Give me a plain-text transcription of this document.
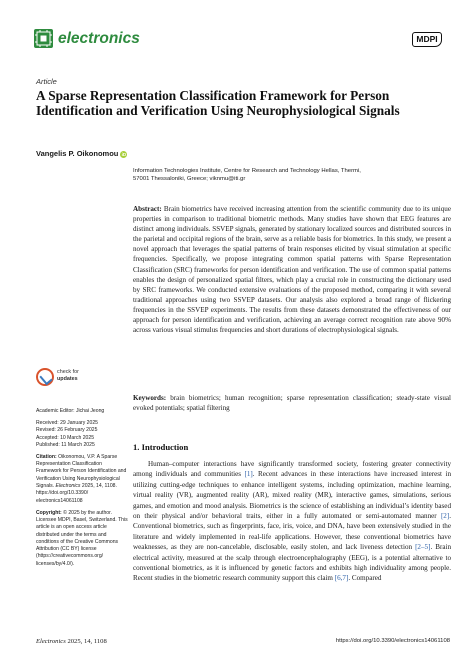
electronics	MDPI
Article
A Sparse Representation Classification Framework for Person Identification and Verification Using Neurophysiological Signals
Vangelis P. Oikonomou iD
Information Technologies Institute, Centre for Research and Technology Hellas, Thermi,
57001 Thessaloniki, Greece; viknmu@iti.gr
Abstract: Brain biometrics have received increasing attention from the scientific community due to its unique properties in comparison to traditional biometric methods. Many studies have shown that EEG features are distinct among individuals. SSVEP signals, generated by stationary localized sources and distributed sources in the parietal and occipital regions of the brain, serve as a reliable basis for biometrics. In this study, we present a novel approach that leverages the spatial patterns of brain responses elicited by visual stimulation at specific frequencies. Specifically, we propose integrating common spatial patterns with Sparse Representation Classification (SRC) frameworks for person identification and verification. The use of common spatial patterns enables the design of personalized spatial filters, which play a crucial role in constructing the dictionary used by SRC frameworks. We conducted extensive evaluations of the proposed method, comparing it with several traditional approaches using two SSVEP datasets. Our analysis also explored a broad range of flickering frequencies in the SSVEP experiments. The results from these datasets demonstrated the effectiveness of our approach for person identification and verification, achieving an average correct recognition rate above 90% across various visual stimulus frequencies and short durations of electrophysiological signals.
Keywords: brain biometrics; human recognition; sparse representation classification; steady-state visual evoked potentials; spatial filtering
check for
updates
Academic Editor: Jichai Jeong
Received: 29 January 2025
Revised: 26 February 2025
Accepted: 10 March 2025
Published: 11 March 2025
Citation: Oikonomou, V.P. A Sparse Representation Classification Framework for Person Identification and Verification Using Neurophysiological Signals. Electronics 2025, 14, 1108. https://doi.org/10.3390/ electronics14061108
Copyright: © 2025 by the author. Licensee MDPI, Basel, Switzerland. This article is an open access article distributed under the terms and conditions of the Creative Commons Attribution (CC BY) license (https://creativecommons.org/ licenses/by/4.0/).
1. Introduction

Human–computer interactions have significantly transformed society, fostering greater connectivity among individuals and communities [1]. Recent advances in these interactions have increased interest in utilizing cutting-edge techniques to enhance intelligent systems, including optimization, machine learning, virtual reality (VR), augmented reality (AR), mixed reality (MR), interactive games, simulations, serious games, and emotion and mood analysis. Biometrics is the science of establishing an individual’s identity based on their physical and/or behavioral traits, either in a fully automated or semi-automated manner [2]. Conventional biometrics, such as fingerprints, face, iris, voice, and DNA, have been extensively studied in the literature and widely implemented in real-life applications. However, these conventional biometrics have weaknesses, as they are non-cancelable, disclosable, easily stolen, and lack liveness detection [2–5]. Brain electrical activity, measured at the scalp through electroencephalography (EEG), is a potential alternative to conventional biometrics, as it is influenced by genetic factors and exhibits high individuality among people. Recent studies in the biometric research community support this claim [6,7]. Compared

Electronics 2025, 14, 1108	https://doi.org/10.3390/electronics14061108
